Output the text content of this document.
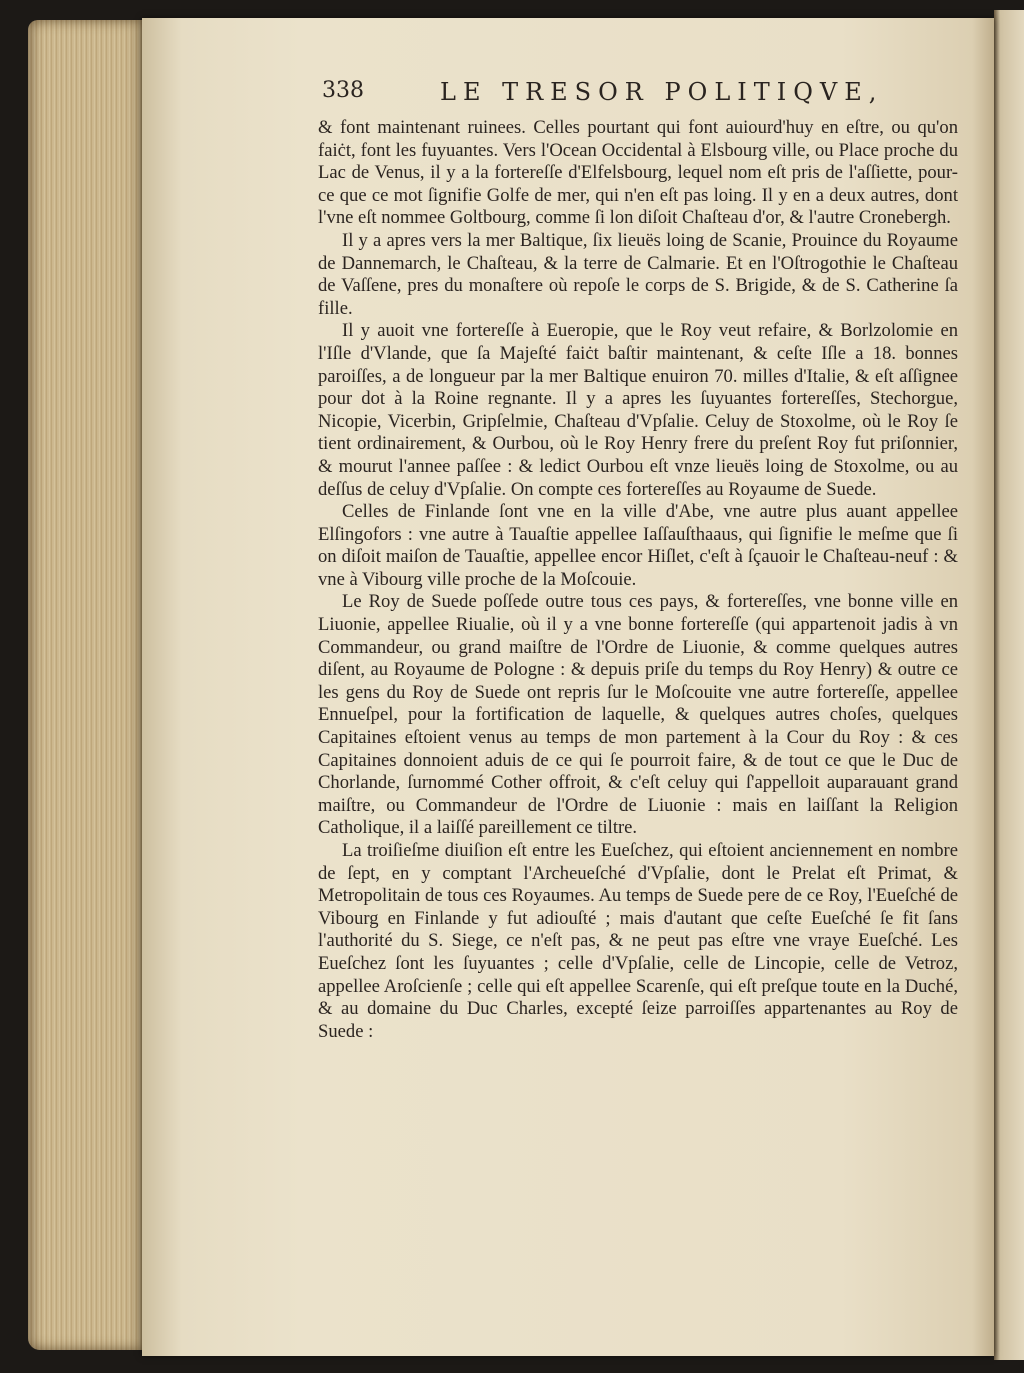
338	LE TRESOR POLITIQVE,

& font maintenant ruinees. Celles pourtant qui font auiourd'huy en eſtre, ou qu'on faiċt, font les fuyuantes. Vers l'Ocean Occidental à Elsbourg ville, ou Place proche du Lac de Venus, il y a la fortereſſe d'Elfelsbourg, lequel nom eſt pris de l'aſſiette, pour-ce que ce mot ſignifie Golfe de mer, qui n'en eſt pas loing. Il y en a deux autres, dont l'vne eſt nommee Goltbourg, comme ſi lon diſoit Chaſteau d'or, & l'autre Cronebergh.

Il y a apres vers la mer Baltique, ſix lieuës loing de Scanie, Prouince du Royaume de Dannemarch, le Chaſteau, & la terre de Calmarie. Et en l'Oſtrogothie le Chaſteau de Vaſſene, pres du monaſtere où repoſe le corps de S. Brigide, & de S. Catherine ſa fille.

Il y auoit vne fortereſſe à Eueropie, que le Roy veut refaire, & Borlzolomie en l'Iſle d'Vlande, que ſa Majeſté faiċt baſtir maintenant, & ceſte Iſle a 18. bonnes paroiſſes, a de longueur par la mer Baltique enuiron 70. milles d'Italie, & eſt aſſignee pour dot à la Roine regnante. Il y a apres les ſuyuantes fortereſſes, Stechorgue, Nicopie, Vicerbin, Gripſelmie, Chaſteau d'Vpſalie. Celuy de Stoxolme, où le Roy ſe tient ordinairement, & Ourbou, où le Roy Henry frere du preſent Roy fut priſonnier, & mourut l'annee paſſee : & ledict Ourbou eſt vnze lieuës loing de Stoxolme, ou au deſſus de celuy d'Vpſalie. On compte ces fortereſſes au Royaume de Suede.

Celles de Finlande ſont vne en la ville d'Abe, vne autre plus auant appellee Elſingofors : vne autre à Tauaſtie appellee Iaſſauſthaaus, qui ſignifie le meſme que ſi on diſoit maiſon de Tauaſtie, appellee encor Hiſlet, c'eſt à ſçauoir le Chaſteau-neuf : & vne à Vibourg ville proche de la Moſcouie.

Le Roy de Suede poſſede outre tous ces pays, & fortereſſes, vne bonne ville en Liuonie, appellee Riualie, où il y a vne bonne fortereſſe (qui appartenoit jadis à vn Commandeur, ou grand maiſtre de l'Ordre de Liuonie, & comme quelques autres diſent, au Royaume de Pologne : & depuis priſe du temps du Roy Henry) & outre ce les gens du Roy de Suede ont repris ſur le Moſcouite vne autre fortereſſe, appellee Ennueſpel, pour la fortification de laquelle, & quelques autres choſes, quelques Capitaines eſtoient venus au temps de mon partement à la Cour du Roy : & ces Capitaines donnoient aduis de ce qui ſe pourroit faire, & de tout ce que le Duc de Chorlande, ſurnommé Cother offroit, & c'eſt celuy qui ſ'appelloit auparauant grand maiſtre, ou Commandeur de l'Ordre de Liuonie : mais en laiſſant la Religion Catholique, il a laiſſé pareillement ce tiltre.

La troiſieſme diuiſion eſt entre les Eueſchez, qui eſtoient anciennement en nombre de ſept, en y comptant l'Archeueſché d'Vpſalie, dont le Prelat eſt Primat, & Metropolitain de tous ces Royaumes. Au temps de Suede pere de ce Roy, l'Eueſché de Vibourg en Finlande y fut adiouſté ; mais d'autant que ceſte Eueſché ſe fit ſans l'authorité du S. Siege, ce n'eſt pas, & ne peut pas eſtre vne vraye Eueſché. Les Eueſchez ſont les ſuyuantes ; celle d'Vpſalie, celle de Lincopie, celle de Vetroz, appellee Aroſcienſe ; celle qui eſt appellee Scarenſe, qui eſt preſque toute en la Duché, & au domaine du Duc Charles, excepté ſeize parroiſſes appartenantes au Roy de Suede :
